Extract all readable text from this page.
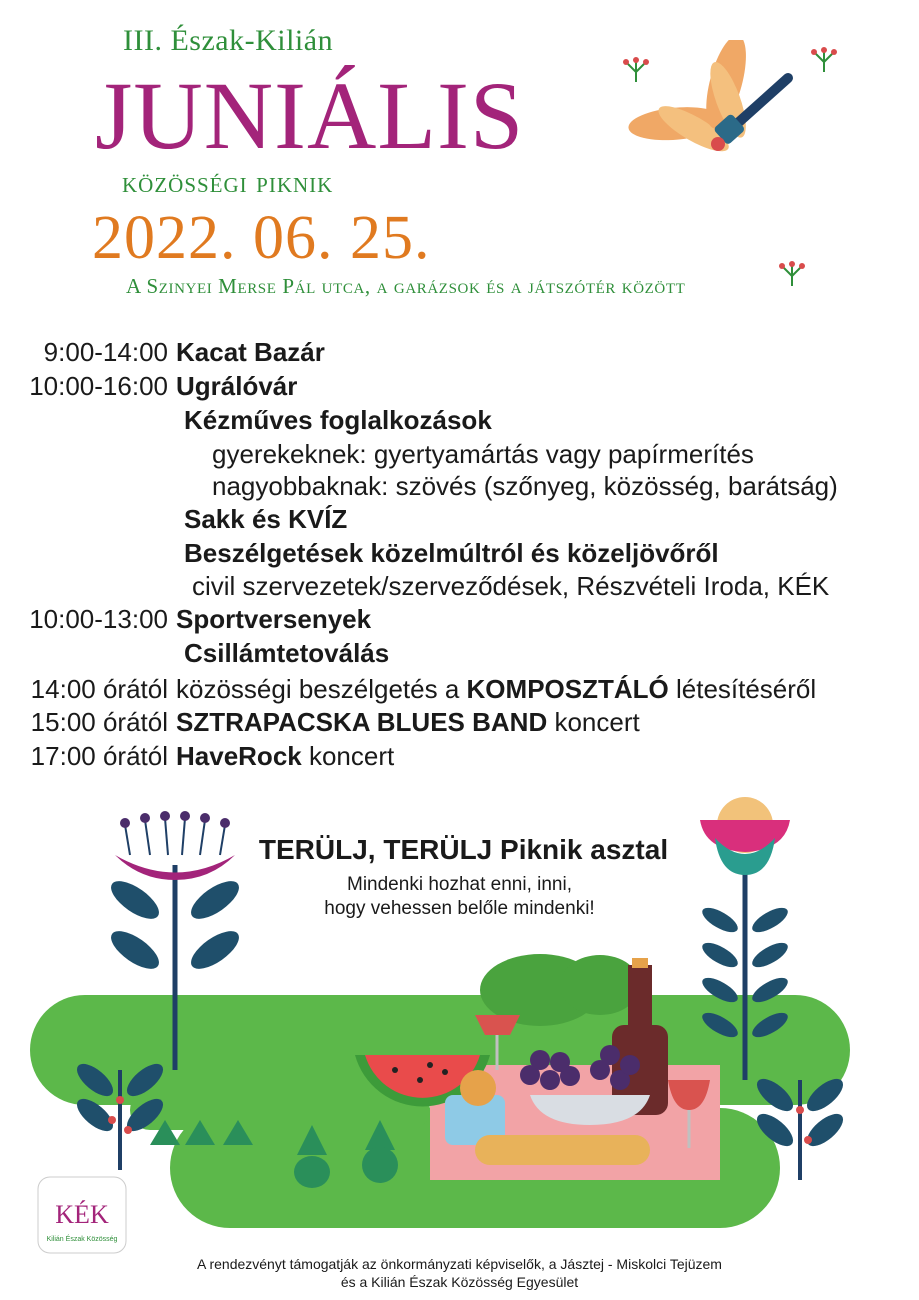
III. Észak-Kilián
JUNIÁLIS
közösségi piknik
2022. 06. 25.
A Szinyei Merse Pál utca, a garázsok és a játszótér között
9:00-14:00 Kacat Bazár
10:00-16:00 Ugrálóvár
Kézműves foglalkozások
gyerekeknek: gyertyamártás vagy papírmerítés
nagyobbaknak: szövés (szőnyeg, közösség, barátság)
Sakk és KVÍZ
Beszélgetések közelmúltról és közeljövőről
civil szervezetek/szerveződések, Részvételi Iroda, KÉK
10:00-13:00 Sportversenyek
Csillámtetoválás
14:00 órától közösségi beszélgetés a KOMPOSZTÁLÓ létesítéséről
15:00 órától SZTRAPACSKA BLUES BAND koncert
17:00 órától HaveRock koncert
TERÜLJ, TERÜLJ Piknik asztal
Mindenki hozhat enni, inni,
hogy vehessen belőle mindenki!
KÉK
Kilián Észak Közösség
A rendezvényt támogatják az önkormányzati képviselők, a Jásztej - Miskolci Tejüzem
és a Kilián Észak Közösség Egyesület
